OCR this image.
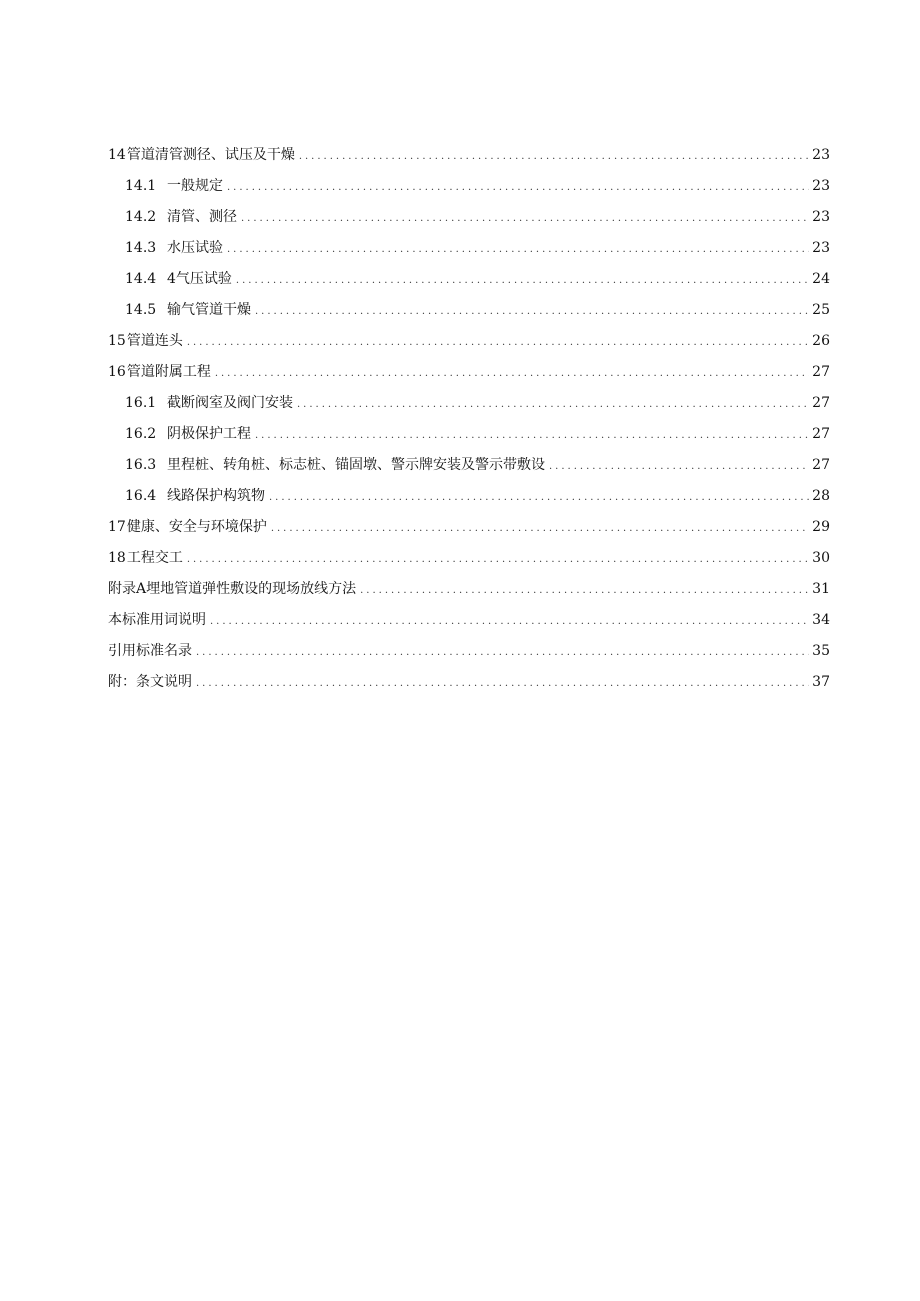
14 管道清管测径、试压及干燥 .....	23
14.1 一般规定 .....	23
14.2 清管、测径 .....	23
14.3 水压试验 .....	23
14.4 4气压试验 .....	24
14.5 输气管道干燥 .....	25
15 管道连头 .....	26
16 管道附属工程 .....	27
16.1 截断阀室及阀门安装 .....	27
16.2 阴极保护工程 .....	27
16.3 里程桩、转角桩、标志桩、锚固墩、警示牌安装及警示带敷设 .....	27
16.4 线路保护构筑物 .....	28
17 健康、安全与环境保护 .....	29
18 工程交工 .....	30
附录A埋地管道弹性敷设的现场放线方法 .....	31
本标准用词说明 .....	34
引用标准名录 .....	35
附：条文说明 .....	37
